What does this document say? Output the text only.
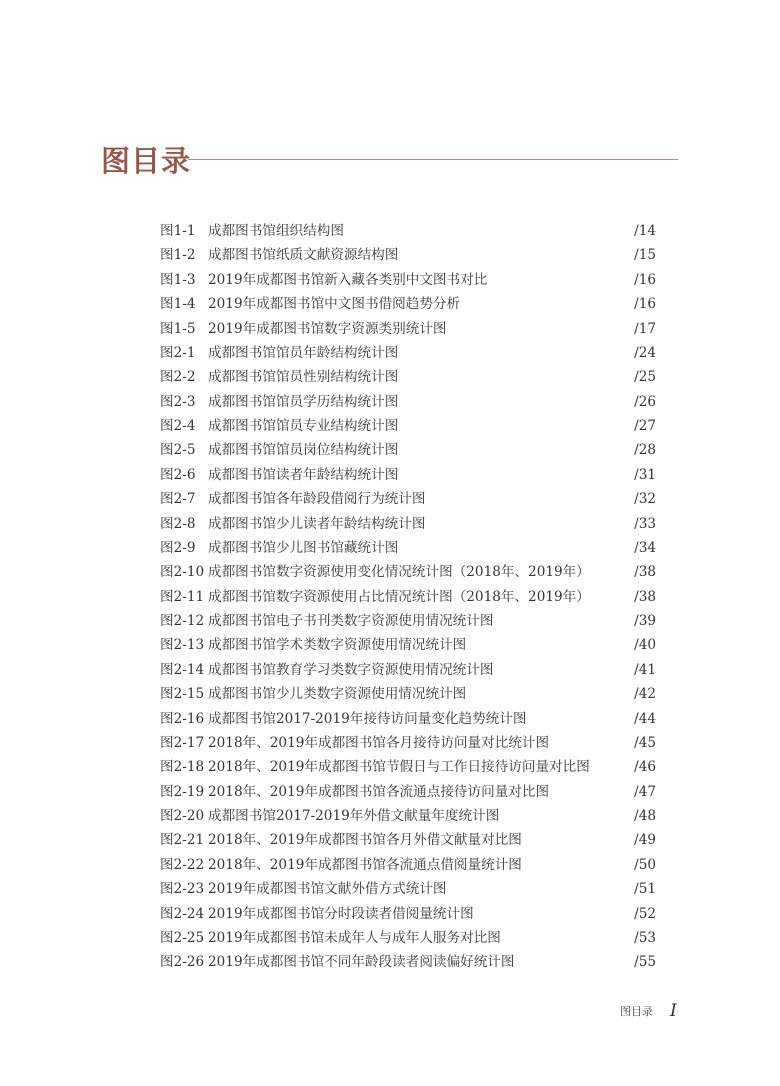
图目录
图1-1 成都图书馆组织结构图	/14
图1-2 成都图书馆纸质文献资源结构图	/15
图1-3 2019年成都图书馆新入藏各类别中文图书对比	/16
图1-4 2019年成都图书馆中文图书借阅趋势分析	/16
图1-5 2019年成都图书馆数字资源类别统计图	/17
图2-1 成都图书馆馆员年龄结构统计图	/24
图2-2 成都图书馆馆员性别结构统计图	/25
图2-3 成都图书馆馆员学历结构统计图	/26
图2-4 成都图书馆馆员专业结构统计图	/27
图2-5 成都图书馆馆员岗位结构统计图	/28
图2-6 成都图书馆读者年龄结构统计图	/31
图2-7 成都图书馆各年龄段借阅行为统计图	/32
图2-8 成都图书馆少儿读者年龄结构统计图	/33
图2-9 成都图书馆少儿图书馆藏统计图	/34
图2-10 成都图书馆数字资源使用变化情况统计图（2018年、2019年）	/38
图2-11 成都图书馆数字资源使用占比情况统计图（2018年、2019年）	/38
图2-12 成都图书馆电子书刊类数字资源使用情况统计图	/39
图2-13 成都图书馆学术类数字资源使用情况统计图	/40
图2-14 成都图书馆教育学习类数字资源使用情况统计图	/41
图2-15 成都图书馆少儿类数字资源使用情况统计图	/42
图2-16 成都图书馆2017-2019年接待访问量变化趋势统计图	/44
图2-17 2018年、2019年成都图书馆各月接待访问量对比统计图	/45
图2-18 2018年、2019年成都图书馆节假日与工作日接待访问量对比图	/46
图2-19 2018年、2019年成都图书馆各流通点接待访问量对比图	/47
图2-20 成都图书馆2017-2019年外借文献量年度统计图	/48
图2-21 2018年、2019年成都图书馆各月外借文献量对比图	/49
图2-22 2018年、2019年成都图书馆各流通点借阅量统计图	/50
图2-23 2019年成都图书馆文献外借方式统计图	/51
图2-24 2019年成都图书馆分时段读者借阅量统计图	/52
图2-25 2019年成都图书馆未成年人与成年人服务对比图	/53
图2-26 2019年成都图书馆不同年龄段读者阅读偏好统计图	/55
图目录 I
